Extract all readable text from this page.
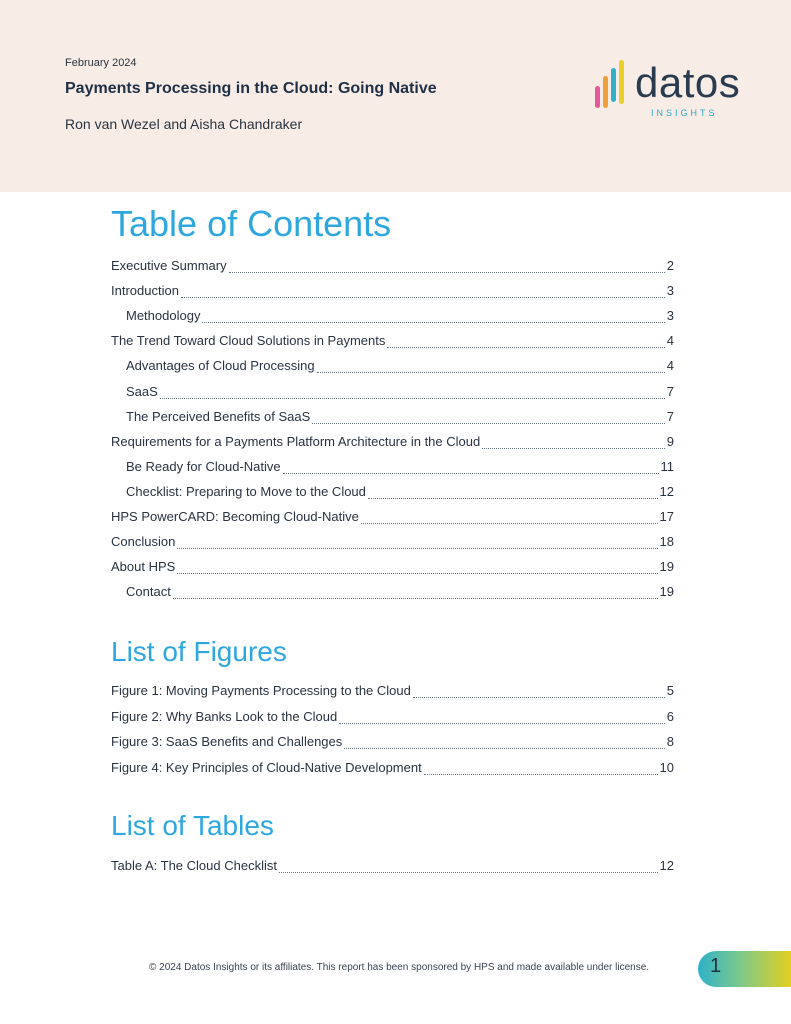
February 2024
Payments Processing in the Cloud: Going Native
Ron van Wezel and Aisha Chandraker
datos
INSIGHTS
Table of Contents
Executive Summary	2
Introduction	3
Methodology	3
The Trend Toward Cloud Solutions in Payments	4
Advantages of Cloud Processing	4
SaaS	7
The Perceived Benefits of SaaS	7
Requirements for a Payments Platform Architecture in the Cloud	9
Be Ready for Cloud-Native	11
Checklist: Preparing to Move to the Cloud	12
HPS PowerCARD: Becoming Cloud-Native	17
Conclusion	18
About HPS	19
Contact	19
List of Figures
Figure 1: Moving Payments Processing to the Cloud	5
Figure 2: Why Banks Look to the Cloud	6
Figure 3: SaaS Benefits and Challenges	8
Figure 4: Key Principles of Cloud-Native Development	10
List of Tables
Table A: The Cloud Checklist	12
© 2024 Datos Insights or its affiliates. This report has been sponsored by HPS and made available under license.	1
